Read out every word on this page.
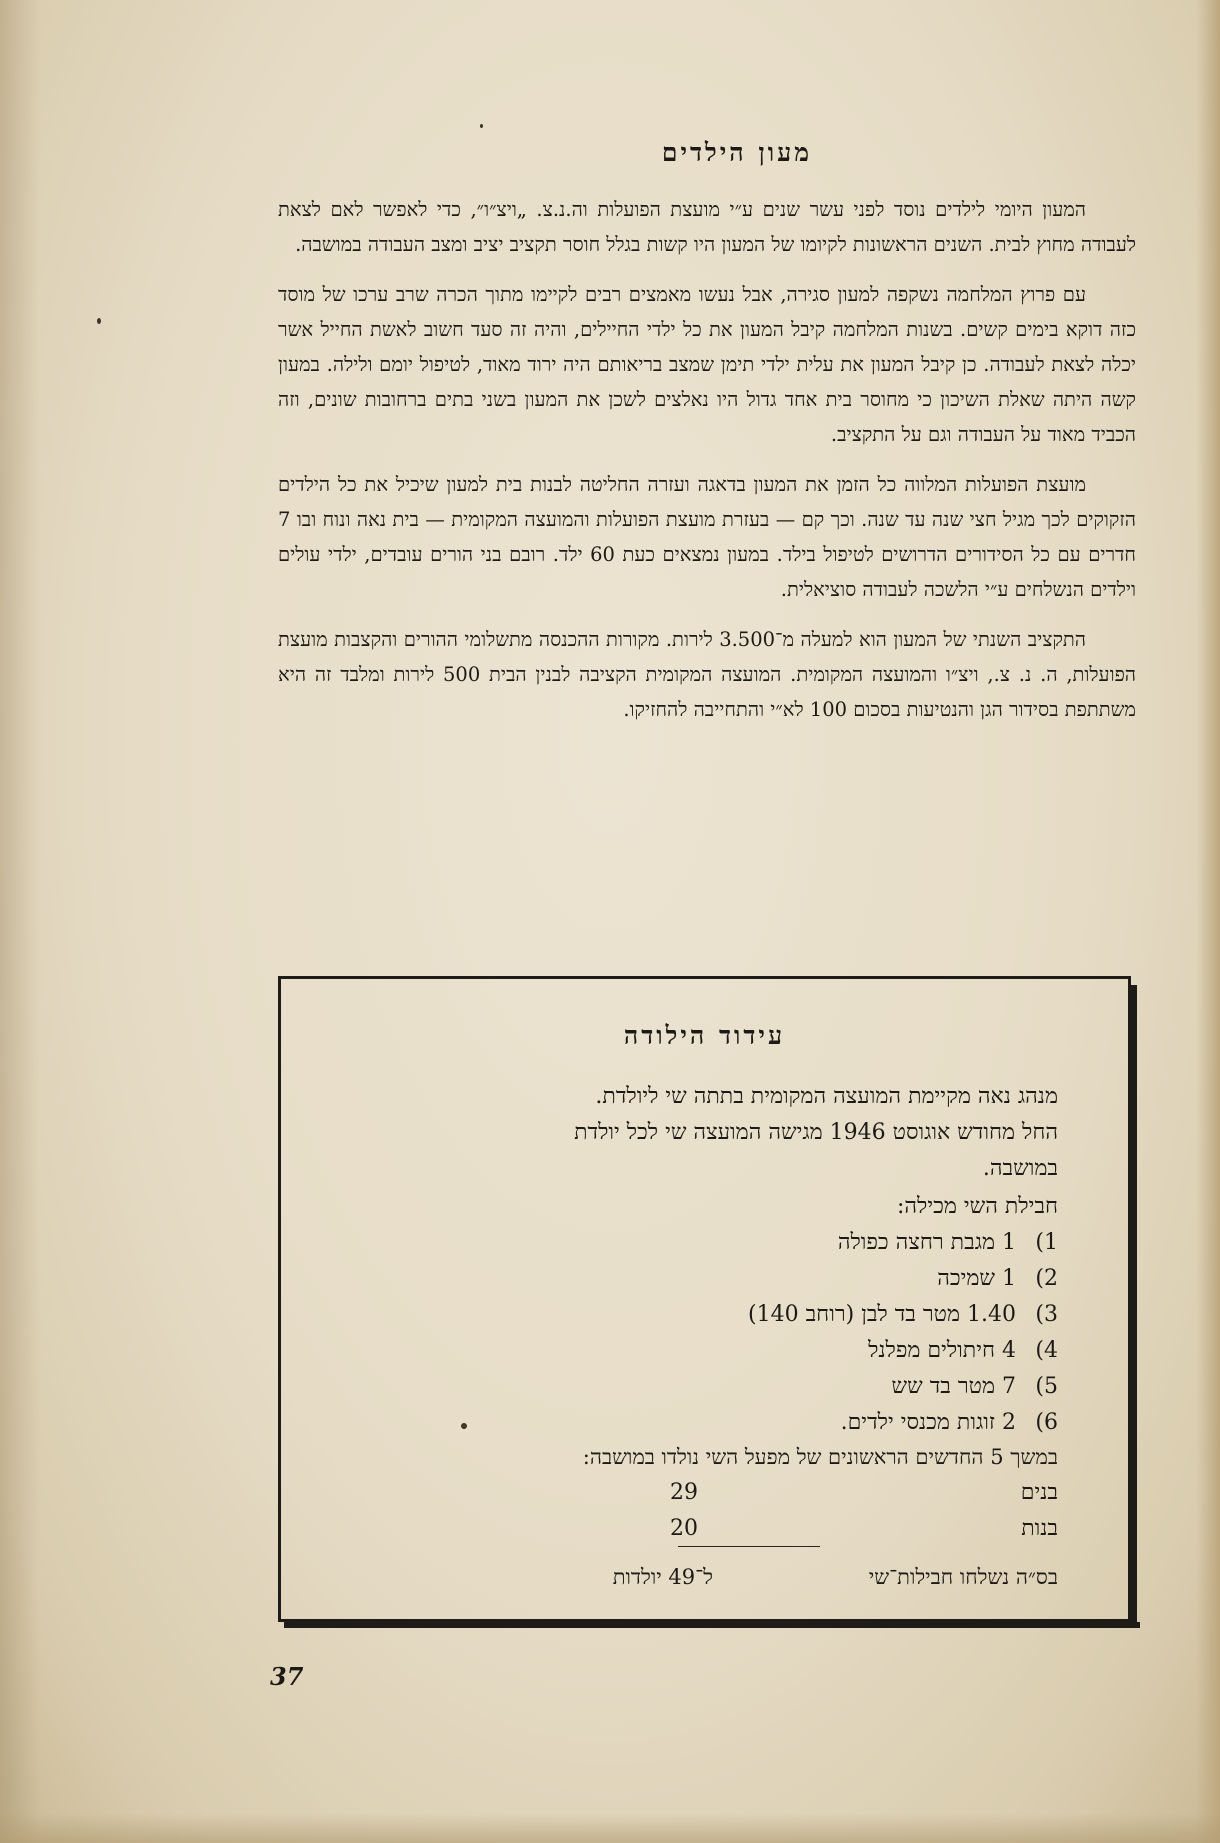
מעון הילדים

המעון היומי לילדים נוסד לפני עשר שנים ע״י מועצת הפועלות וה.נ.צ. „ויצ״ו״, כדי לאפשר לאם לצאת לעבודה מחוץ לבית. השנים הראשונות לקיומו של המעון היו קשות בגלל חוסר תקציב יציב ומצב העבודה במושבה.

עם פרוץ המלחמה נשקפה למעון סגירה, אבל נעשו מאמצים רבים לקיימו מתוך הכרה שרב ערכו של מוסד כזה דוקא בימים קשים. בשנות המלחמה קיבל המעון את כל ילדי החיילים, והיה זה סעד חשוב לאשת החייל אשר יכלה לצאת לעבודה. כן קיבל המעון את עלית ילדי תימן שמצב בריאותם היה ירוד מאוד, לטיפול יומם ולילה. במעון קשה היתה שאלת השיכון כי מחוסר בית אחד גדול היו נאלצים לשכן את המעון בשני בתים ברחובות שונים, וזה הכביד מאוד על העבודה וגם על התקציב.

מועצת הפועלות המלווה כל הזמן את המעון בדאגה ועזרה החליטה לבנות בית למעון שיכיל את כל הילדים הזקוקים לכך מגיל חצי שנה עד שנה. וכך קם — בעזרת מועצת הפועלות והמועצה המקומית — בית נאה ונוח ובו 7 חדרים עם כל הסידורים הדרושים לטיפול בילד. במעון נמצאים כעת 60 ילד. רובם בני הורים עובדים, ילדי עולים וילדים הנשלחים ע״י הלשכה לעבודה סוציאלית.

התקציב השנתי של המעון הוא למעלה מ־3.500 לירות. מקורות ההכנסה מתשלומי ההורים והקצבות מועצת הפועלות, ה. נ. צ., ויצ״ו והמועצה המקומית. המועצה המקומית הקציבה לבנין הבית 500 לירות ומלבד זה היא משתתפת בסידור הגן והנטיעות בסכום 100 לא״י והתחייבה להחזיקו.

עידוד הילודה
מנהג נאה מקיימת המועצה המקומית בתתה שי ליולדת.
החל מחודש אוגוסט 1946 מגישה המועצה שי לכל יולדת
במושבה.
חבילת השי מכילה:
1)1 מגבת רחצה כפולה
2)1 שמיכה
3)1.40 מטר בד לבן (רוחב 140)
4)4 חיתולים מפלנל
5)7 מטר בד שש
6)2 זוגות מכנסי ילדים.
במשך 5 החדשים הראשונים של מפעל השי נולדו במושבה:
בנים
29
בנות
20
בס״ה נשלחו חבילות־שי
ל־49 יולדות
37
